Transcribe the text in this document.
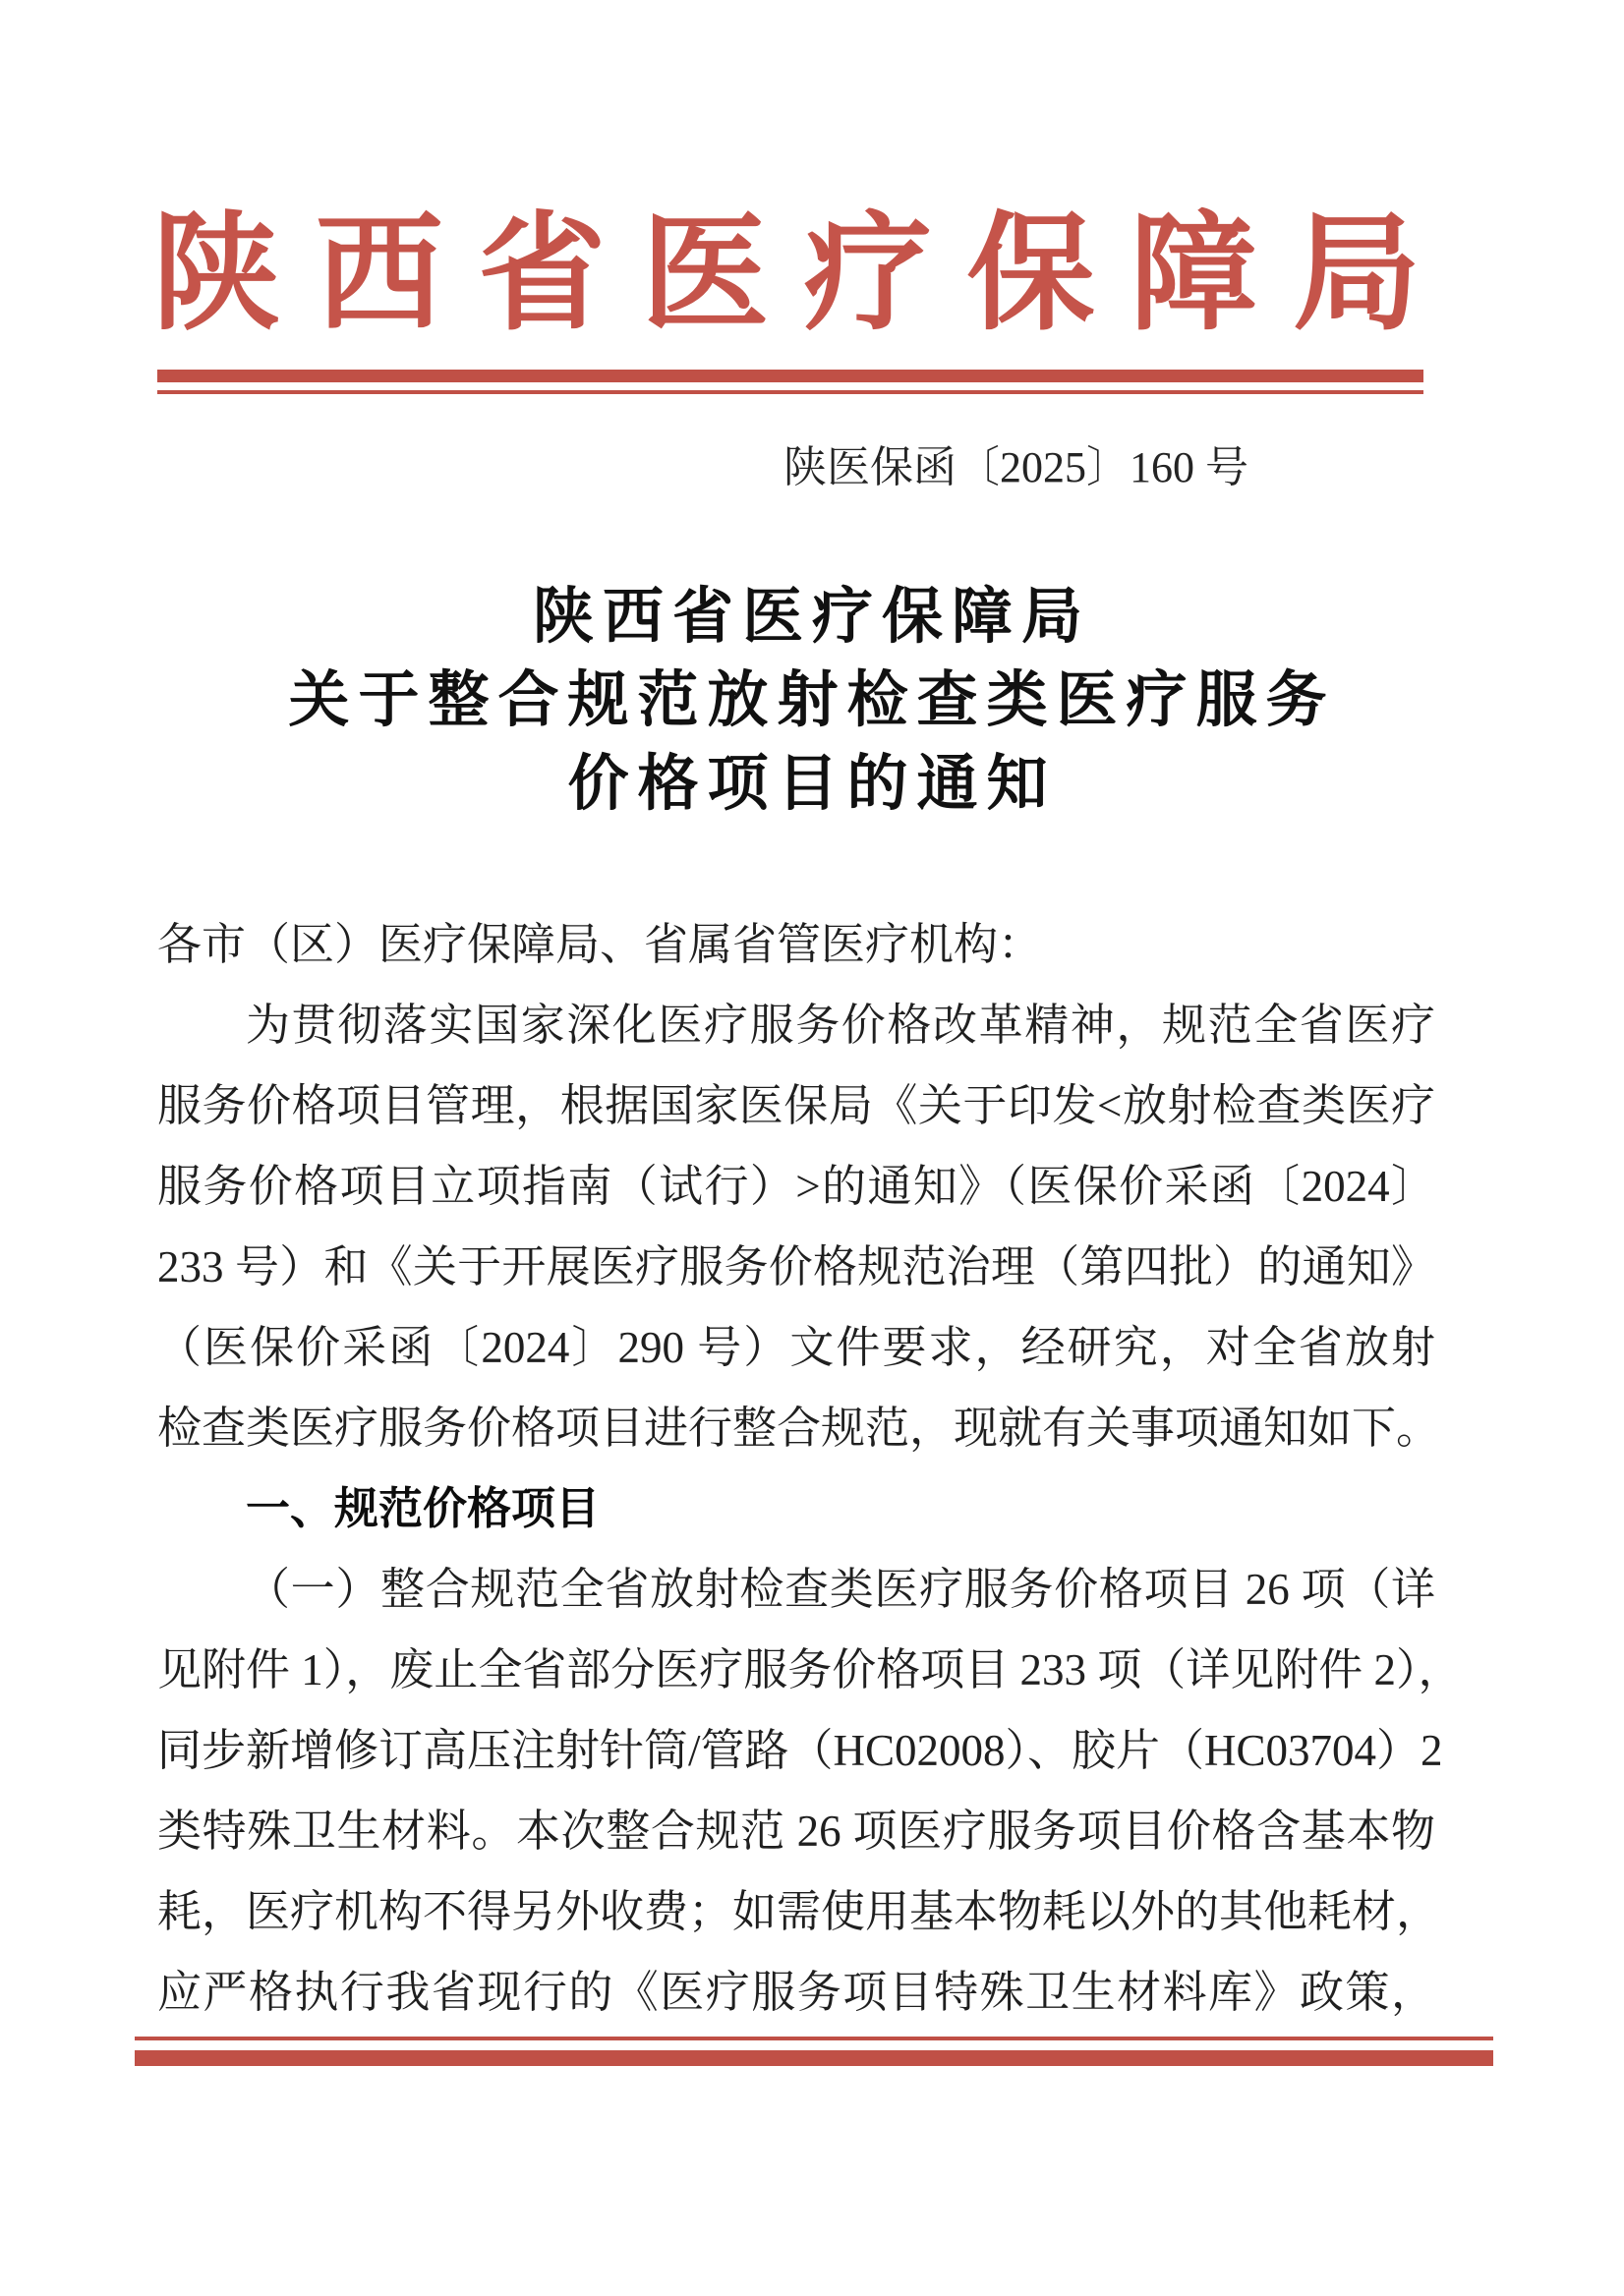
陕西省医疗保障局
陕医保函〔2025〕160 号
陕西省医疗保障局
关于整合规范放射检查类医疗服务
价格项目的通知
各市（区）医疗保障局、省属省管医疗机构：
为贯彻落实国家深化医疗服务价格改革精神，规范全省医疗
服务价格项目管理，根据国家医保局《关于印发<放射检查类医疗
服务价格项目立项指南（试行）>的通知》（医保价采函〔2024〕
233 号）和《关于开展医疗服务价格规范治理（第四批）的通知》
（医保价采函〔2024〕290 号）文件要求，经研究，对全省放射
检查类医疗服务价格项目进行整合规范，现就有关事项通知如下。
一、规范价格项目
（一）整合规范全省放射检查类医疗服务价格项目 26 项（详
见附件 1），废止全省部分医疗服务价格项目 233 项（详见附件 2），
同步新增修订高压注射针筒/管路（HC02008）、胶片（HC03704）2
类特殊卫生材料。本次整合规范 26 项医疗服务项目价格含基本物
耗，医疗机构不得另外收费；如需使用基本物耗以外的其他耗材，
应严格执行我省现行的《医疗服务项目特殊卫生材料库》政策，
